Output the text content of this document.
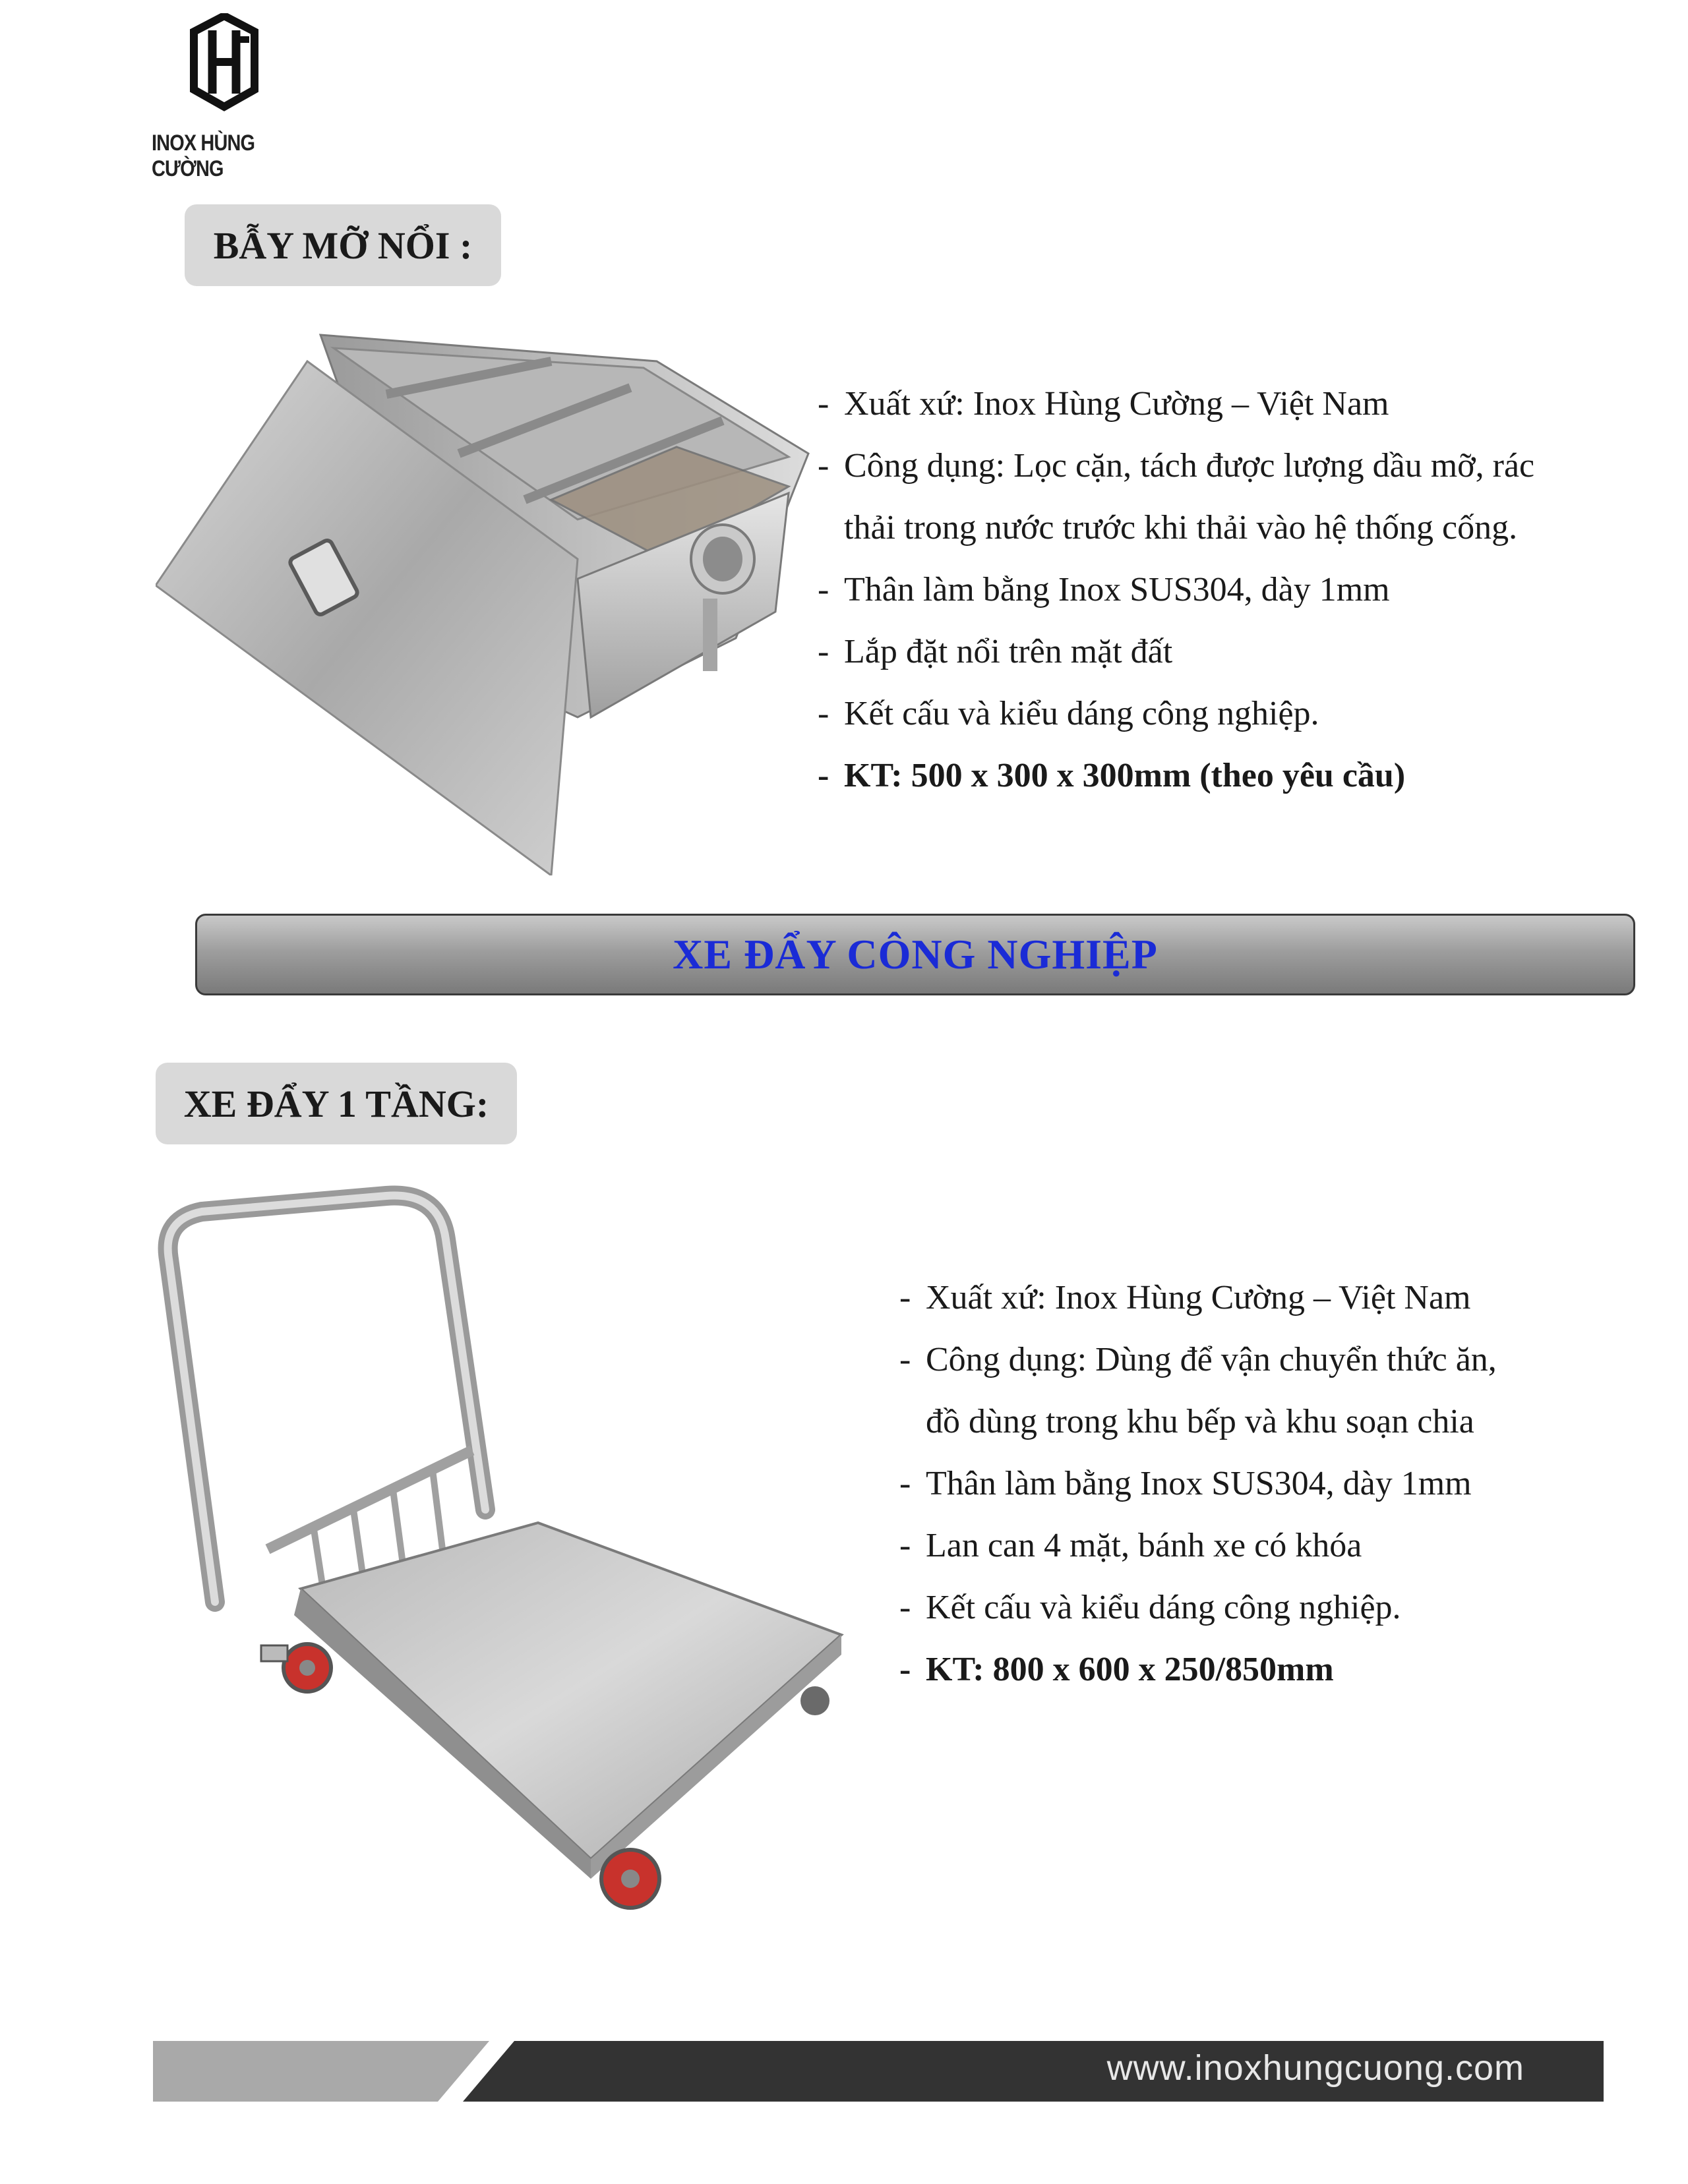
INOX HÙNG CƯỜNG
BẪY MỠ NỔI :
- Xuất xứ: Inox Hùng Cường – Việt Nam
- Công dụng: Lọc cặn, tách được lượng dầu mỡ, rác
thải trong nước trước khi thải vào hệ thống cống.
- Thân làm bằng Inox SUS304, dày 1mm
- Lắp đặt nổi trên mặt đất
- Kết cấu và kiểu dáng công nghiệp.
- KT: 500 x 300 x 300mm (theo yêu cầu)
XE ĐẨY CÔNG NGHIỆP
XE ĐẨY 1 TẦNG:
- Xuất xứ: Inox Hùng Cường – Việt Nam
- Công dụng: Dùng để vận chuyển thức ăn,
đồ dùng trong khu bếp và khu soạn chia
- Thân làm bằng Inox SUS304, dày 1mm
- Lan can 4 mặt, bánh xe có khóa
- Kết cấu và kiểu dáng công nghiệp.
- KT: 800 x 600 x 250/850mm
www.inoxhungcuong.com
